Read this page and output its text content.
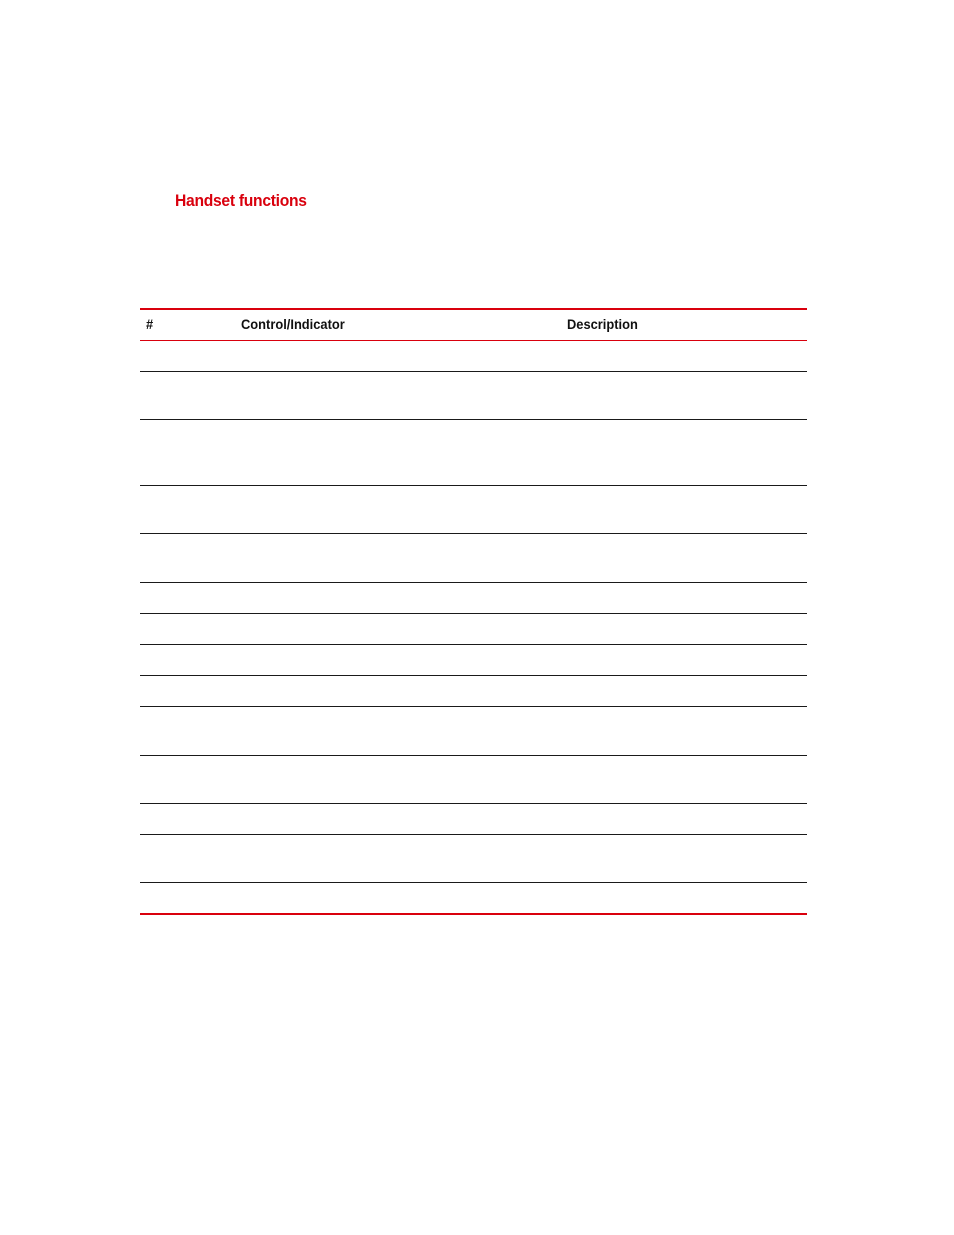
Handset functions
#	Control/Indicator	Description
